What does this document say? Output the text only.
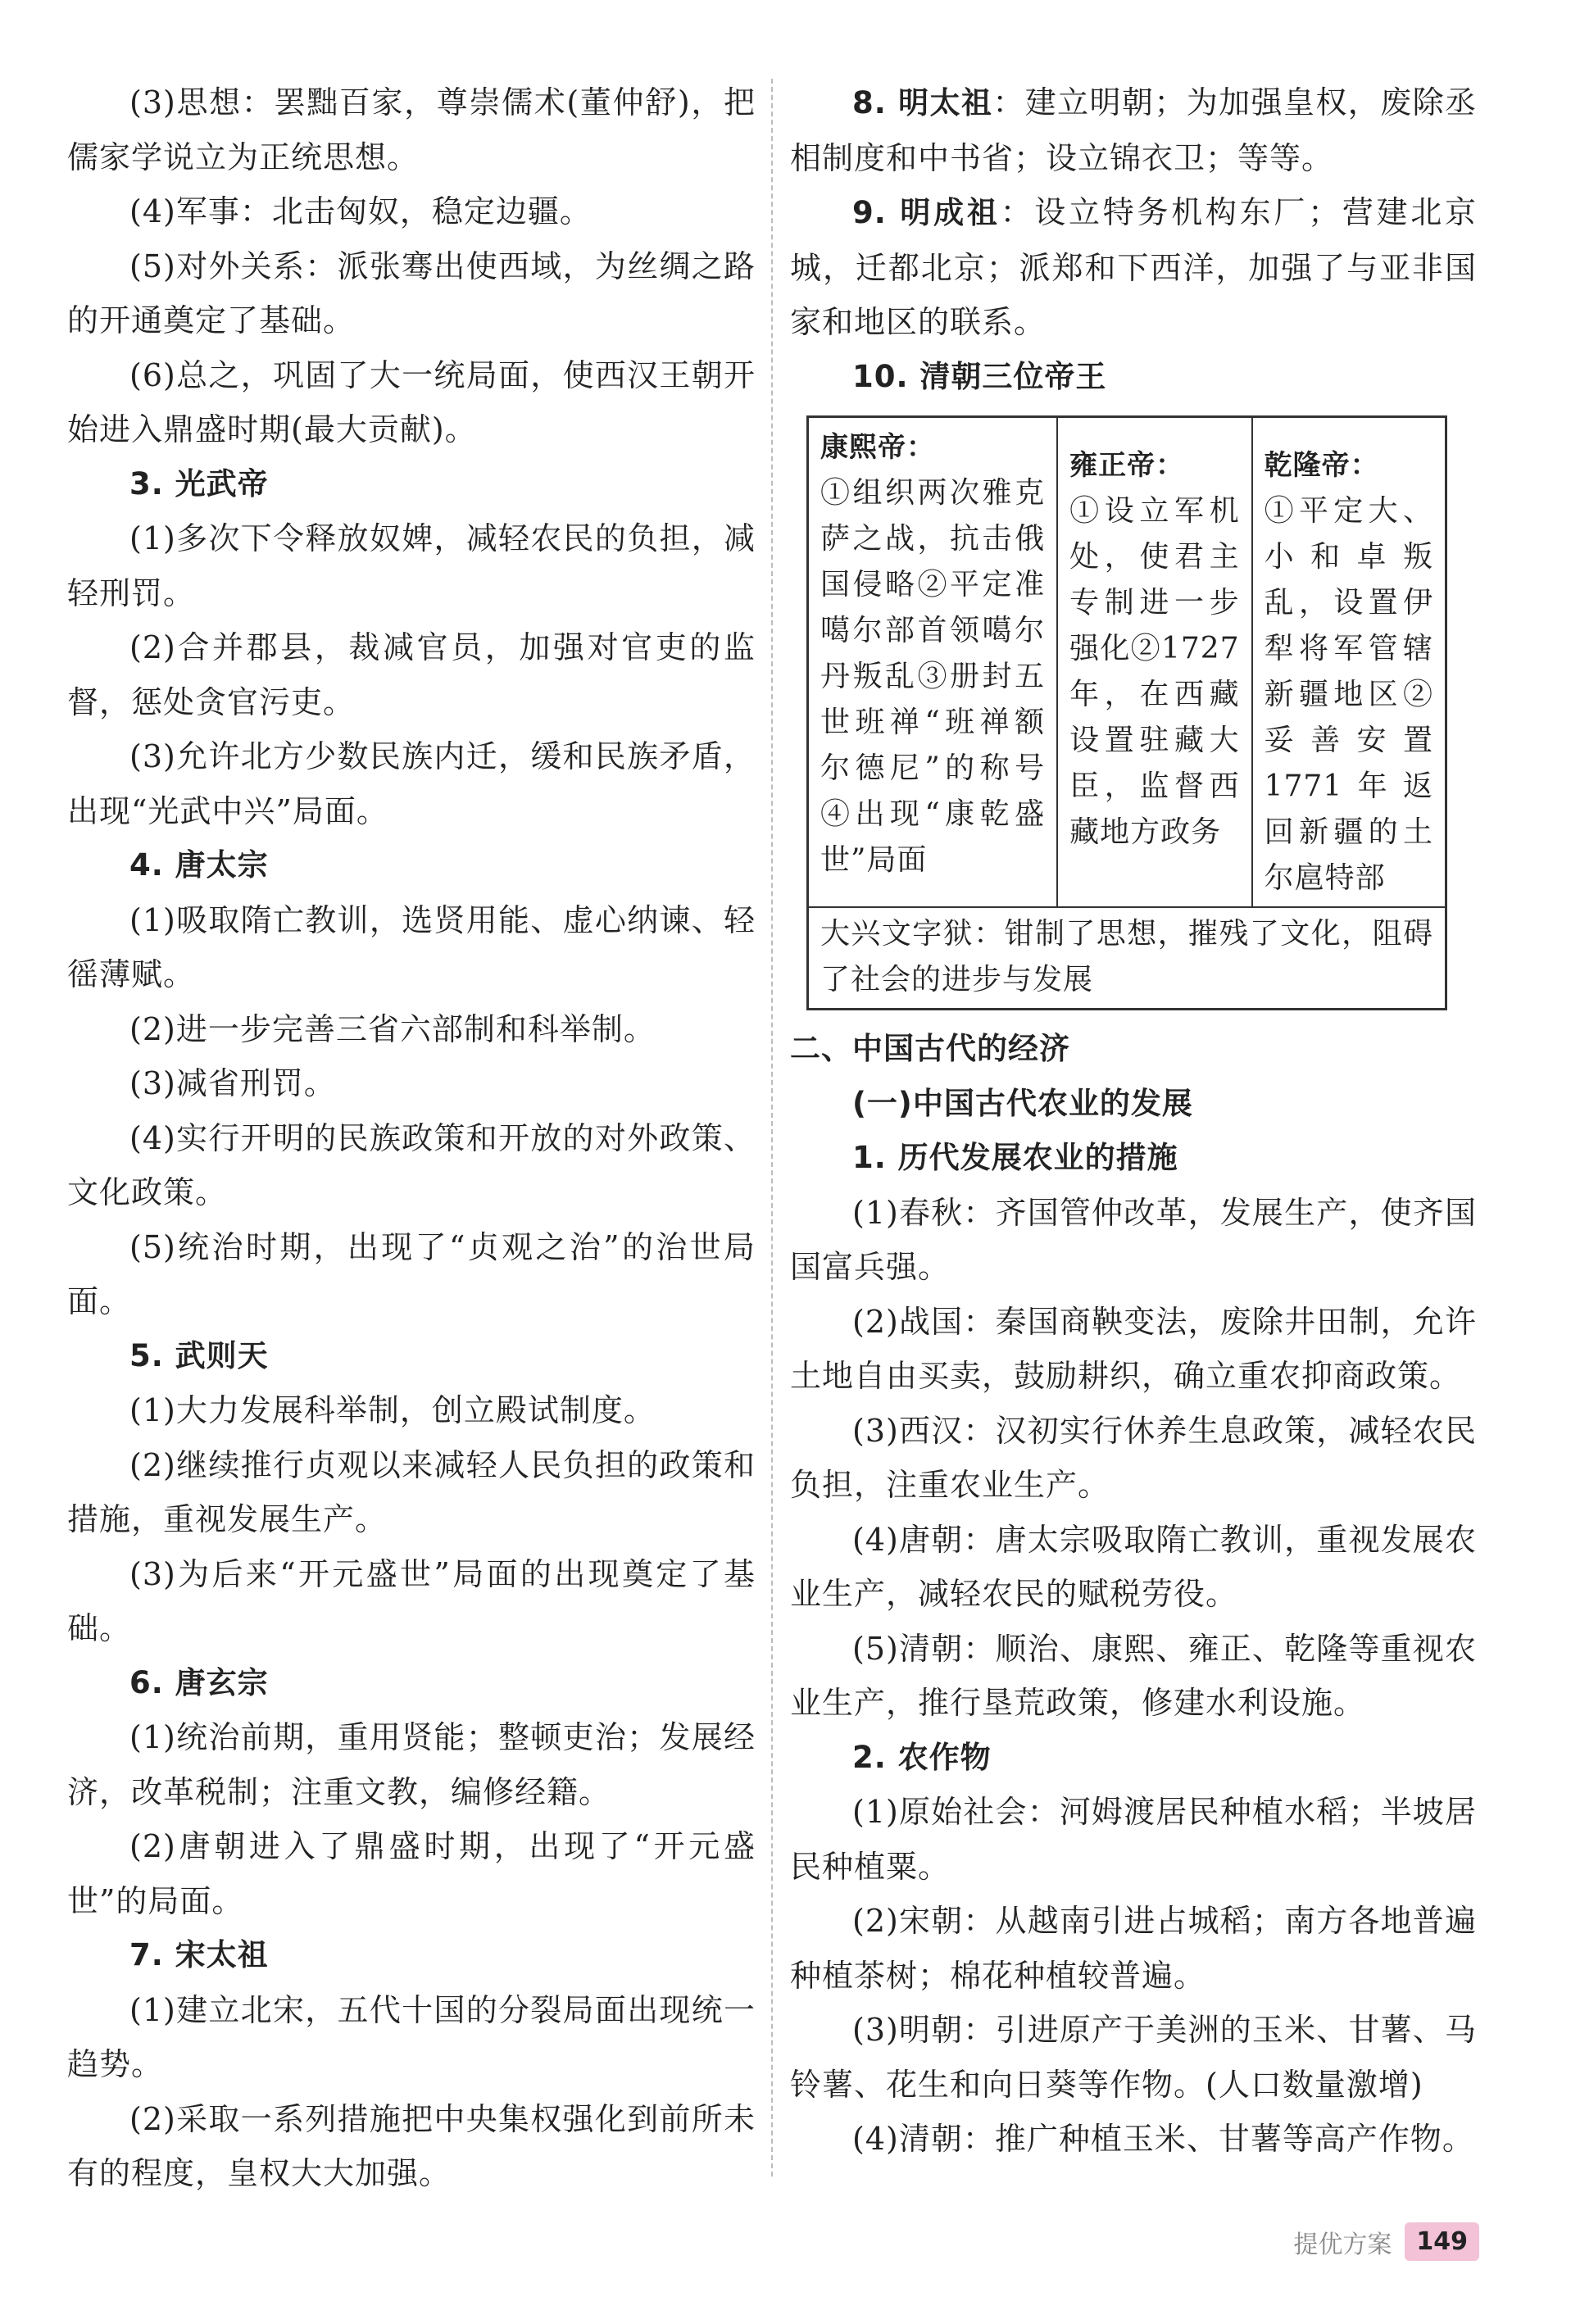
(3)思想：罢黜百家，尊崇儒术(董仲舒)，把儒家学说立为正统思想。
(4)军事：北击匈奴，稳定边疆。
(5)对外关系：派张骞出使西域，为丝绸之路的开通奠定了基础。
(6)总之，巩固了大一统局面，使西汉王朝开始进入鼎盛时期(最大贡献)。
3. 光武帝
(1)多次下令释放奴婢，减轻农民的负担，减轻刑罚。
(2)合并郡县，裁减官员，加强对官吏的监督，惩处贪官污吏。
(3)允许北方少数民族内迁，缓和民族矛盾，出现“光武中兴”局面。
4. 唐太宗
(1)吸取隋亡教训，选贤用能、虚心纳谏、轻徭薄赋。
(2)进一步完善三省六部制和科举制。
(3)减省刑罚。
(4)实行开明的民族政策和开放的对外政策、文化政策。
(5)统治时期，出现了“贞观之治”的治世局面。
5. 武则天
(1)大力发展科举制，创立殿试制度。
(2)继续推行贞观以来减轻人民负担的政策和措施，重视发展生产。
(3)为后来“开元盛世”局面的出现奠定了基础。
6. 唐玄宗
(1)统治前期，重用贤能；整顿吏治；发展经济，改革税制；注重文教，编修经籍。
(2)唐朝进入了鼎盛时期，出现了“开元盛世”的局面。
7. 宋太祖
(1)建立北宋，五代十国的分裂局面出现统一趋势。
(2)采取一系列措施把中央集权强化到前所未有的程度，皇权大大加强。
8. 明太祖：建立明朝；为加强皇权，废除丞相制度和中书省；设立锦衣卫；等等。
9. 明成祖：设立特务机构东厂；营建北京城，迁都北京；派郑和下西洋，加强了与亚非国家和地区的联系。
10. 清朝三位帝王
康熙帝：
①组织两次雅克萨之战，抗击俄国侵略②平定准噶尔部首领噶尔丹叛乱③册封五世班禅“班禅额尔德尼”的称号④出现“康乾盛世”局面	
雍正帝：
①设立军机处，使君主专制进一步强化②1727年，在西藏设置驻藏大臣，监督西藏地方政务	
乾隆帝：
①平定大、小和卓叛乱，设置伊犁将军管辖新疆地区②妥善安置1771年返回新疆的土尔扈特部
大兴文字狱：钳制了思想，摧残了文化，阻碍了社会的进步与发展
二、中国古代的经济
(一)中国古代农业的发展
1. 历代发展农业的措施
(1)春秋：齐国管仲改革，发展生产，使齐国国富兵强。
(2)战国：秦国商鞅变法，废除井田制，允许土地自由买卖，鼓励耕织，确立重农抑商政策。
(3)西汉：汉初实行休养生息政策，减轻农民负担，注重农业生产。
(4)唐朝：唐太宗吸取隋亡教训，重视发展农业生产，减轻农民的赋税劳役。
(5)清朝：顺治、康熙、雍正、乾隆等重视农业生产，推行垦荒政策，修建水利设施。
2. 农作物
(1)原始社会：河姆渡居民种植水稻；半坡居民种植粟。
(2)宋朝：从越南引进占城稻；南方各地普遍种植茶树；棉花种植较普遍。
(3)明朝：引进原产于美洲的玉米、甘薯、马铃薯、花生和向日葵等作物。(人口数量激增)
(4)清朝：推广种植玉米、甘薯等高产作物。
提优方案	149
